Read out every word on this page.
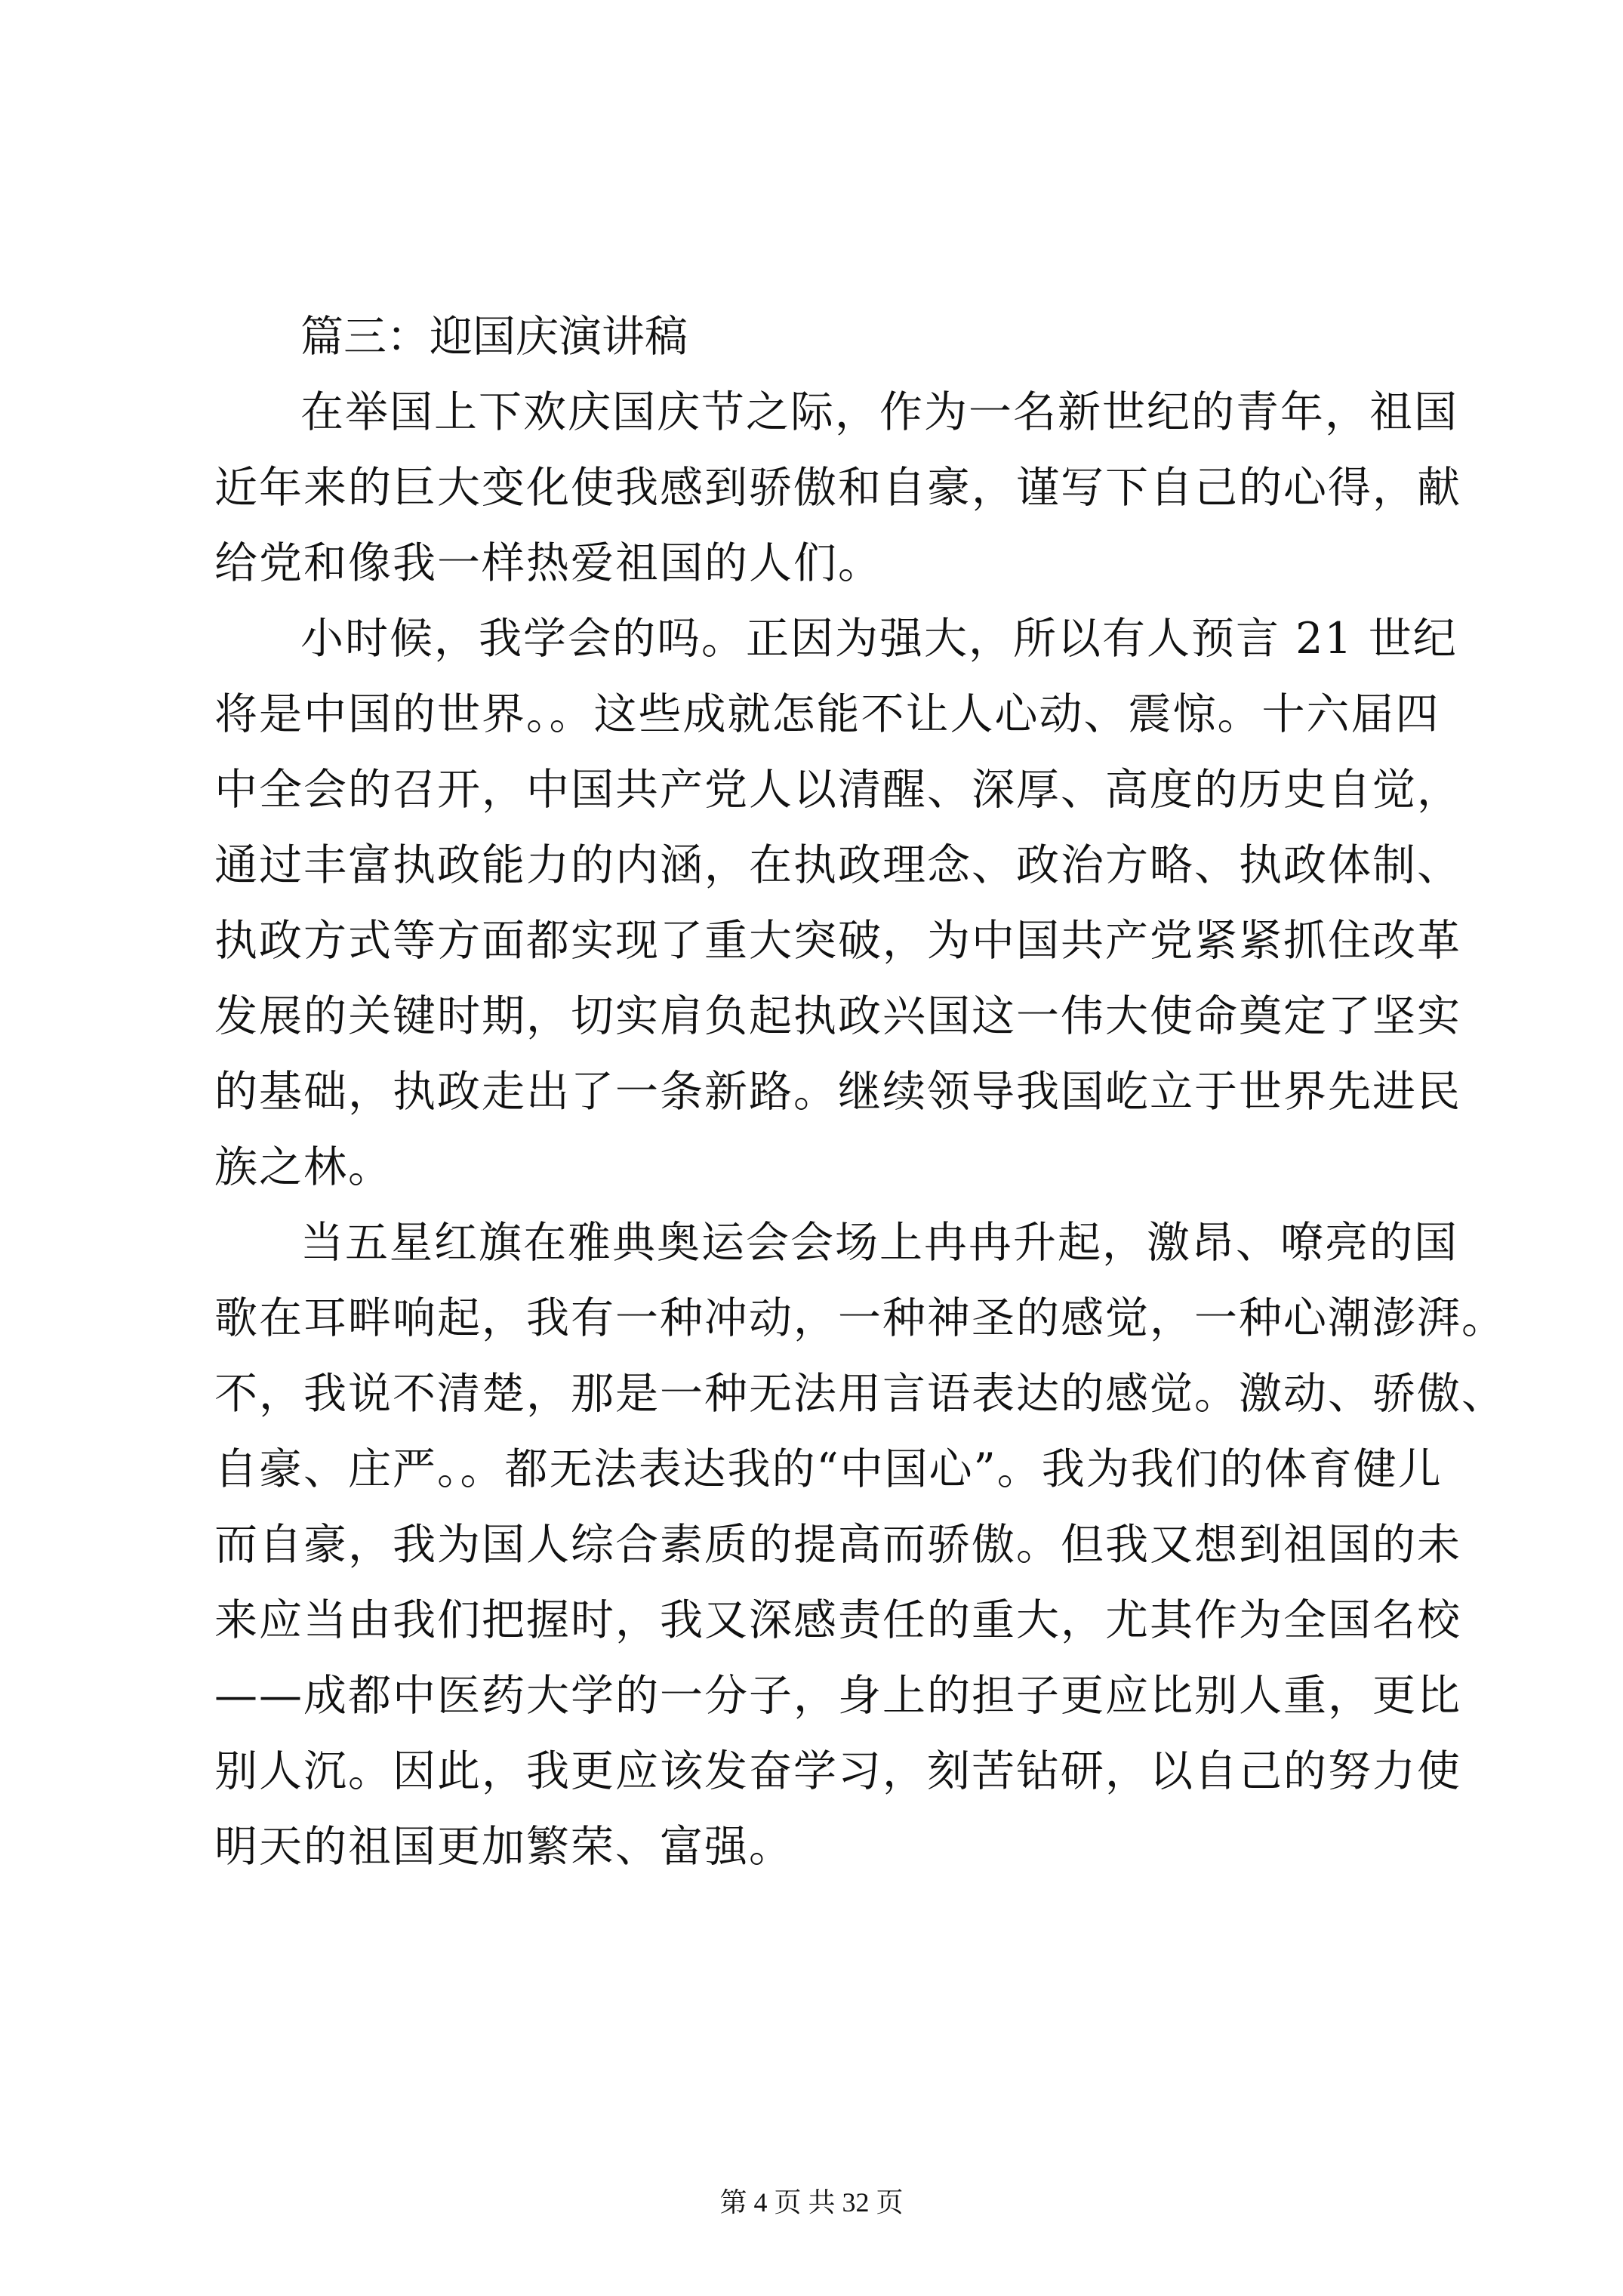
篇三：迎国庆演讲稿
在举国上下欢庆国庆节之际，作为一名新世纪的青年，祖国
近年来的巨大变化使我感到骄傲和自豪，谨写下自己的心得，献
给党和像我一样热爱祖国的人们。
小时候，我学会的吗。正因为强大，所以有人预言 21 世纪
将是中国的世界。。这些成就怎能不让人心动、震惊。十六届四
中全会的召开，中国共产党人以清醒、深厚、高度的历史自觉，
通过丰富执政能力的内涵，在执政理念、政治方略、执政体制、
执政方式等方面都实现了重大突破，为中国共产党紧紧抓住改革
发展的关键时期，切实肩负起执政兴国这一伟大使命奠定了坚实
的基础，执政走出了一条新路。继续领导我国屹立于世界先进民
族之林。
当五星红旗在雅典奥运会会场上冉冉升起，激昂、嘹亮的国
歌在耳畔响起，我有一种冲动，一种神圣的感觉，一种心潮澎湃。
不，我说不清楚，那是一种无法用言语表达的感觉。激动、骄傲、
自豪、庄严。。都无法表达我的“中国心”。我为我们的体育健儿
而自豪，我为国人综合素质的提高而骄傲。但我又想到祖国的未
来应当由我们把握时，我又深感责任的重大，尤其作为全国名校
——成都中医药大学的一分子，身上的担子更应比别人重，更比
别人沉。因此，我更应该发奋学习，刻苦钻研，以自己的努力使
明天的祖国更加繁荣、富强。
第 4 页 共 32 页
